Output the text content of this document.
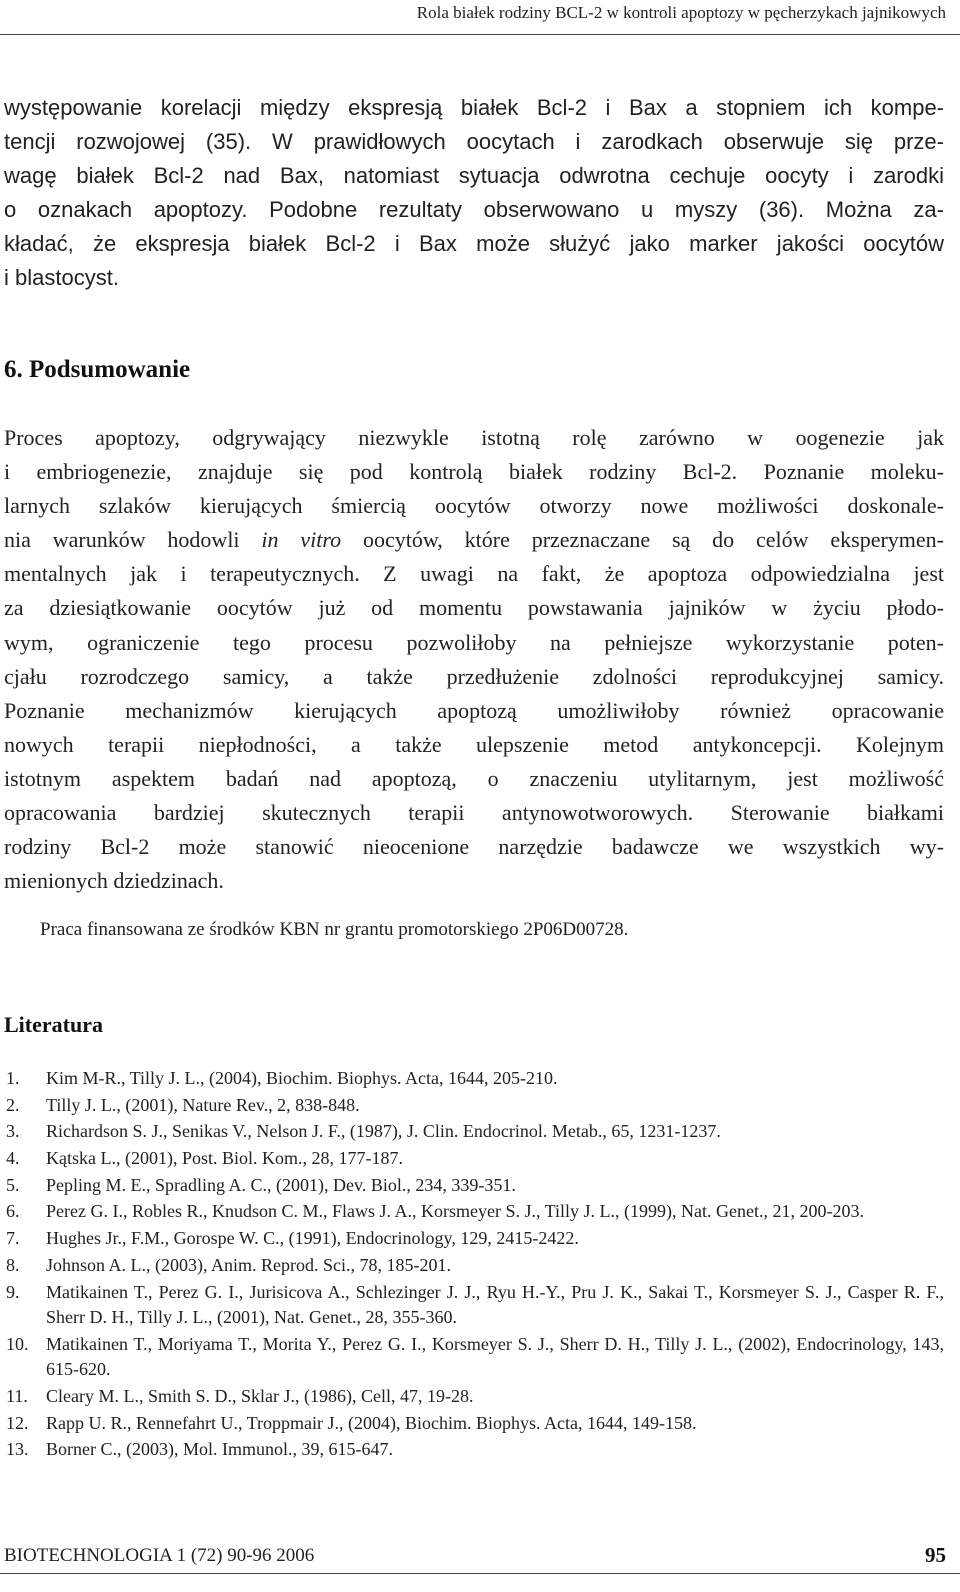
Rola białek rodziny BCL-2 w kontroli apoptozy w pęcherzykach jajnikowych
występowanie korelacji między ekspresją białek Bcl-2 i Bax a stopniem ich kompe-
tencji rozwojowej (35). W prawidłowych oocytach i zarodkach obserwuje się prze-
wagę białek Bcl-2 nad Bax, natomiast sytuacja odwrotna cechuje oocyty i zarodki
o oznakach apoptozy. Podobne rezultaty obserwowano u myszy (36). Można za-
kładać, że ekspresja białek Bcl-2 i Bax może służyć jako marker jakości oocytów
i blastocyst.
6. Podsumowanie
Proces apoptozy, odgrywający niezwykle istotną rolę zarówno w oogenezie jak
i embriogenezie, znajduje się pod kontrolą białek rodziny Bcl-2. Poznanie moleku-
larnych szlaków kierujących śmiercią oocytów otworzy nowe możliwości doskonale-
nia warunków hodowli in vitro oocytów, które przeznaczane są do celów eksperymen-
mentalnych jak i terapeutycznych. Z uwagi na fakt, że apoptoza odpowiedzialna jest
za dziesiątkowanie oocytów już od momentu powstawania jajników w życiu płodo-
wym, ograniczenie tego procesu pozwoliłoby na pełniejsze wykorzystanie poten-
cjału rozrodczego samicy, a także przedłużenie zdolności reprodukcyjnej samicy.
Poznanie mechanizmów kierujących apoptozą umożliwiłoby również opracowanie
nowych terapii niepłodności, a także ulepszenie metod antykoncepcji. Kolejnym
istotnym aspektem badań nad apoptozą, o znaczeniu utylitarnym, jest możliwość
opracowania bardziej skutecznych terapii antynowotworowych. Sterowanie białkami
rodziny Bcl-2 może stanowić nieocenione narzędzie badawcze we wszystkich wy-
mienionych dziedzinach.

Praca finansowana ze środków KBN nr grantu promotorskiego 2P06D00728.

Literatura
1.	Kim M-R., Tilly J. L., (2004), Biochim. Biophys. Acta, 1644, 205-210.
2.	Tilly J. L., (2001), Nature Rev., 2, 838-848.
3.	Richardson S. J., Senikas V., Nelson J. F., (1987), J. Clin. Endocrinol. Metab., 65, 1231-1237.
4.	Kątska L., (2001), Post. Biol. Kom., 28, 177-187.
5.	Pepling M. E., Spradling A. C., (2001), Dev. Biol., 234, 339-351.
6.	Perez G. I., Robles R., Knudson C. M., Flaws J. A., Korsmeyer S. J., Tilly J. L., (1999), Nat. Genet., 21, 200-203.
7.	Hughes Jr., F.M., Gorospe W. C., (1991), Endocrinology, 129, 2415-2422.
8.	Johnson A. L., (2003), Anim. Reprod. Sci., 78, 185-201.
9.	Matikainen T., Perez G. I., Jurisicova A., Schlezinger J. J., Ryu H.-Y., Pru J. K., Sakai T., Korsmeyer S. J., Casper R. F., Sherr D. H., Tilly J. L., (2001), Nat. Genet., 28, 355-360.
10. Matikainen T., Moriyama T., Morita Y., Perez G. I., Korsmeyer S. J., Sherr D. H., Tilly J. L., (2002), Endocrinology, 143, 615-620.
11.	Cleary M. L., Smith S. D., Sklar J., (1986), Cell, 47, 19-28.
12. Rapp U. R., Rennefahrt U., Troppmair J., (2004), Biochim. Biophys. Acta, 1644, 149-158.
13. Borner C., (2003), Mol. Immunol., 39, 615-647.

BIOTECHNOLOGIA 1 (72) 90-96 2006	95
